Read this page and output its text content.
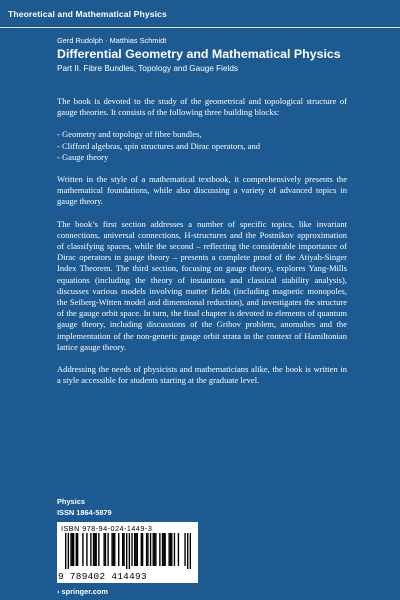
Theoretical and Mathematical Physics
Gerd Rudolph · Matthias Schmidt
Differential Geometry and Mathematical Physics
Part II. Fibre Bundles, Topology and Gauge Fields

The book is devoted to the study of the geometrical and topological structure of gauge theories. It consists of the following three building blocks:

- Geometry and topology of fibre bundles,
- Clifford algebras, spin structures and Dirac operators, and
- Gauge theory

Written in the style of a mathematical textbook, it comprehensively presents the mathematical foundations, while also discussing a variety of advanced topics in gauge theory.

The book’s first section addresses a number of specific topics, like invariant connections, universal connections, H-structures and the Postnikov approximation of classifying spaces, while the second – reflecting the considerable importance of Dirac operators in gauge theory – presents a complete proof of the Atiyah-Singer Index Theorem. The third section, focusing on gauge theory, explores Yang-Mills equations (including the theory of instantons and classical stability analysis), discusses various models involving matter fields (including magnetic monopoles, the Seiberg-Witten model and dimensional reduction), and investigates the structure of the gauge orbit space. In turn, the final chapter is devoted to elements of quantum gauge theory, including discussions of the Gribov problem, anomalies and the implementation of the non-generic gauge orbit strata in the context of Hamiltonian lattice gauge theory.

Addressing the needs of physicists and mathematicians alike, the book is written in a style accessible for students starting at the graduate level.

Physics
ISSN 1864-5879
ISBN 978-94-024-1449-3
9 789402 414493
› springer.com
